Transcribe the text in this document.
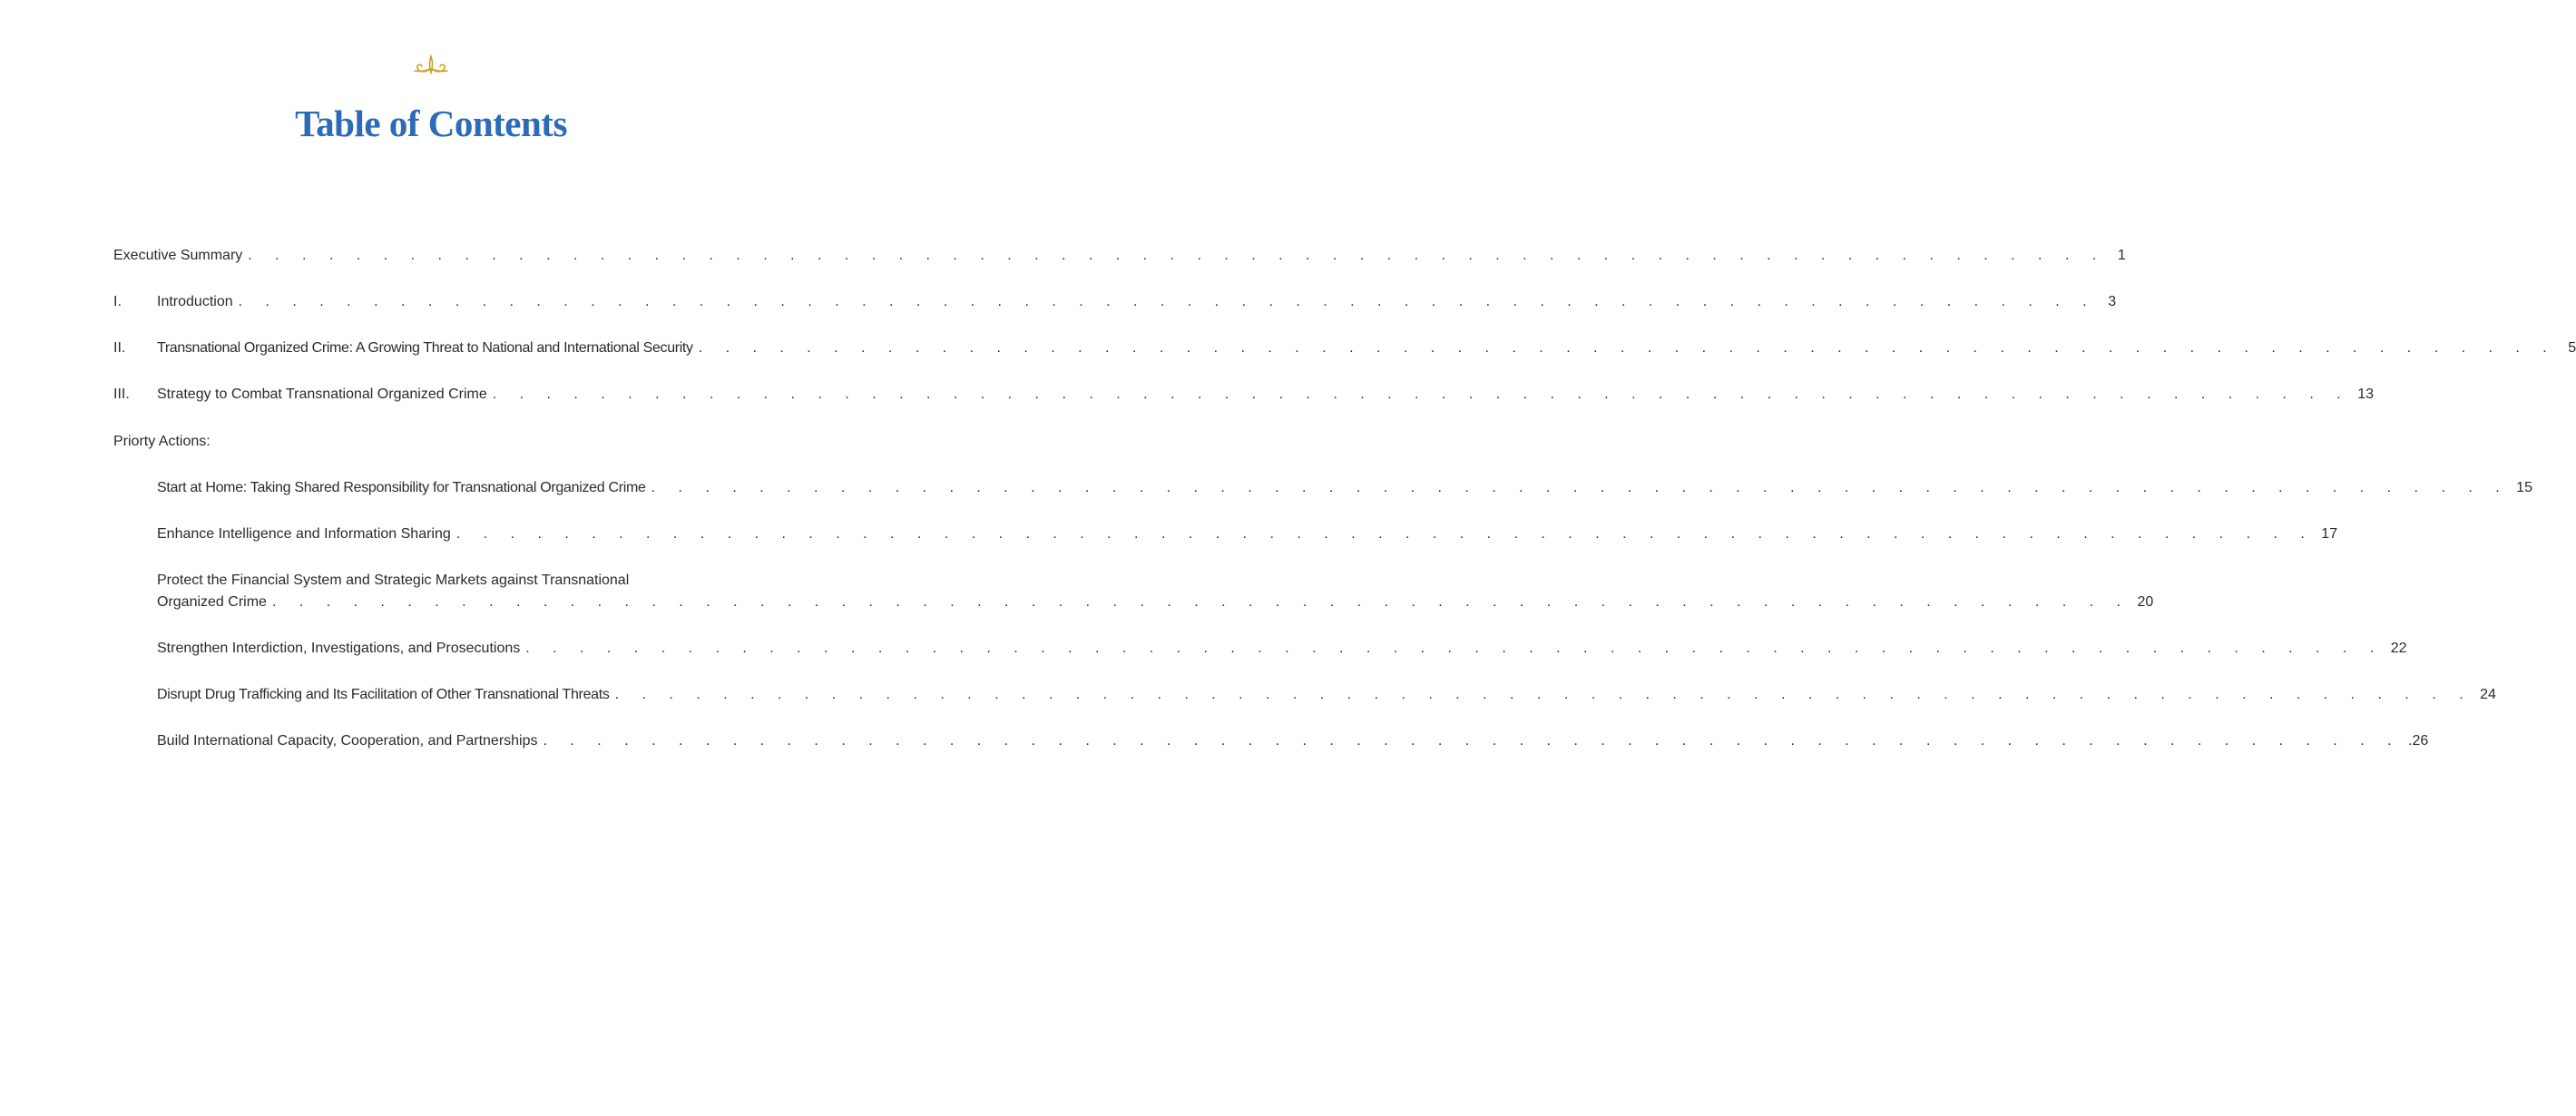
Table of Contents
Executive Summary . . . . . . . . . . . . . . . . . . . . . . . . . . . . . . . . . . . . . . . . . . . . . . . . . . . . . . . . . . . . . . . . . . . . . 1
I. Introduction . . . . . . . . . . . . . . . . . . . . . . . . . . . . . . . . . . . . . . . . . . . . . . . . . . . . . . . . . . . . . . . . . . . . . 3
II. Transnational Organized Crime: A Growing Threat to National and International Security . . . . . . . . . . . . . . . . . . . . . . . . . . . . . . . . . . . . . . . . . . . . . . . . . . . . . . . . . . . . . . . . . . . . . 5
III. Strategy to Combat Transnational Organized Crime . . . . . . . . . . . . . . . . . . . . . . . . . . . . . . . . . . . . . . . . . . . . . . . . . . . . . . . . . . . . . . . . . . . . . 13
Priorty Actions:
Start at Home: Taking Shared Responsibility for Transnational Organized Crime . . . . . . . . . . . . . . . . . . . . . . . . . . . . . . . . . . . . . . . . . . . . . . . . . . . . . . . . . . . . . . . . . . . . . 15
Enhance Intelligence and Information Sharing . . . . . . . . . . . . . . . . . . . . . . . . . . . . . . . . . . . . . . . . . . . . . . . . . . . . . . . . . . . . . . . . . . . . . 17
Protect the Financial System and Strategic Markets against Transnational
Organized Crime . . . . . . . . . . . . . . . . . . . . . . . . . . . . . . . . . . . . . . . . . . . . . . . . . . . . . . . . . . . . . . . . . . . . . 20
Strengthen Interdiction, Investigations, and Prosecutions . . . . . . . . . . . . . . . . . . . . . . . . . . . . . . . . . . . . . . . . . . . . . . . . . . . . . . . . . . . . . . . . . . . . . 22
Disrupt Drug Trafficking and Its Facilitation of Other Transnational Threats . . . . . . . . . . . . . . . . . . . . . . . . . . . . . . . . . . . . . . . . . . . . . . . . . . . . . . . . . . . . . . . . . . . . . 24
Build International Capacity, Cooperation, and Partnerships . . . . . . . . . . . . . . . . . . . . . . . . . . . . . . . . . . . . . . . . . . . . . . . . . . . . . . . . . . . . . . . . . . . . . .26
